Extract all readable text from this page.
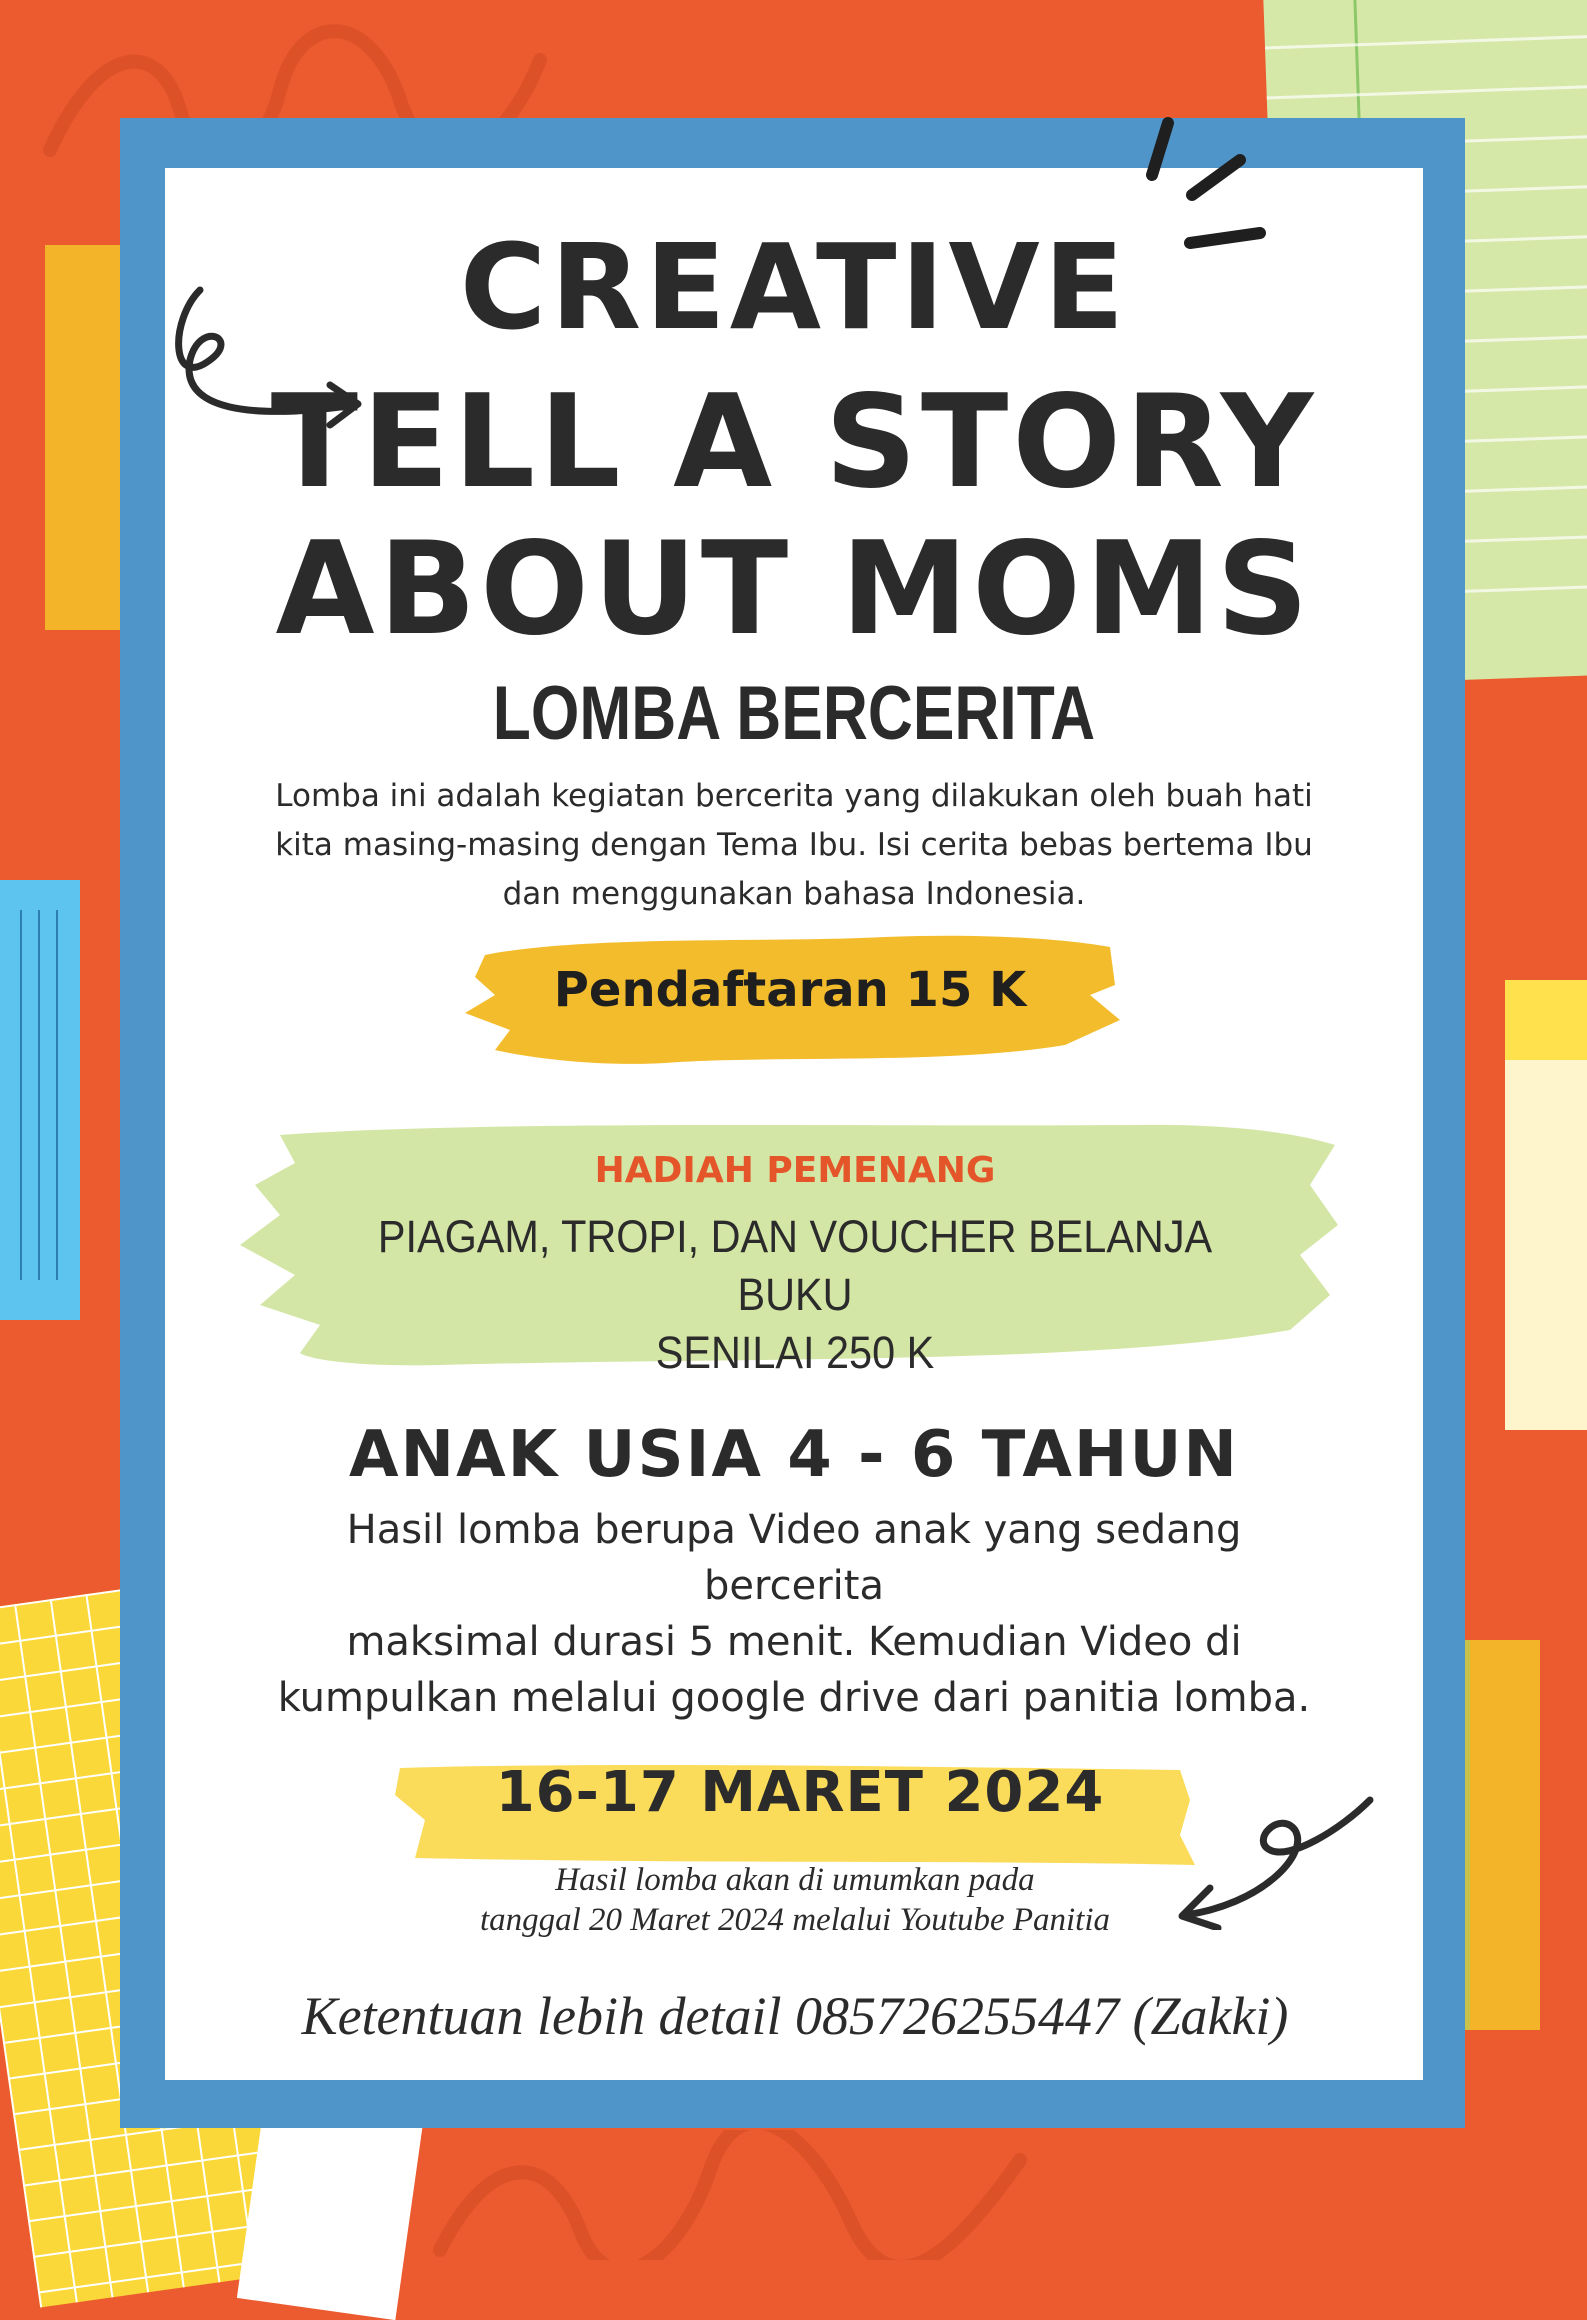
CREATIVE
TELL A STORY
ABOUT MOMS
LOMBA BERCERITA
Lomba ini adalah kegiatan bercerita yang dilakukan oleh buah hati
kita masing-masing dengan Tema Ibu. Isi cerita bebas bertema Ibu
dan menggunakan bahasa Indonesia.
Pendaftaran 15 K
HADIAH PEMENANG
PIAGAM, TROPI, DAN VOUCHER BELANJA BUKU
SENILAI 250 K
ANAK USIA 4 - 6 TAHUN
Hasil lomba berupa Video anak yang sedang bercerita
maksimal durasi 5 menit. Kemudian Video di
kumpulkan melalui google drive dari panitia lomba.
16-17 MARET 2024
Hasil lomba akan di umumkan pada
tanggal 20 Maret 2024 melalui Youtube Panitia
Ketentuan lebih detail 085726255447 (Zakki)
